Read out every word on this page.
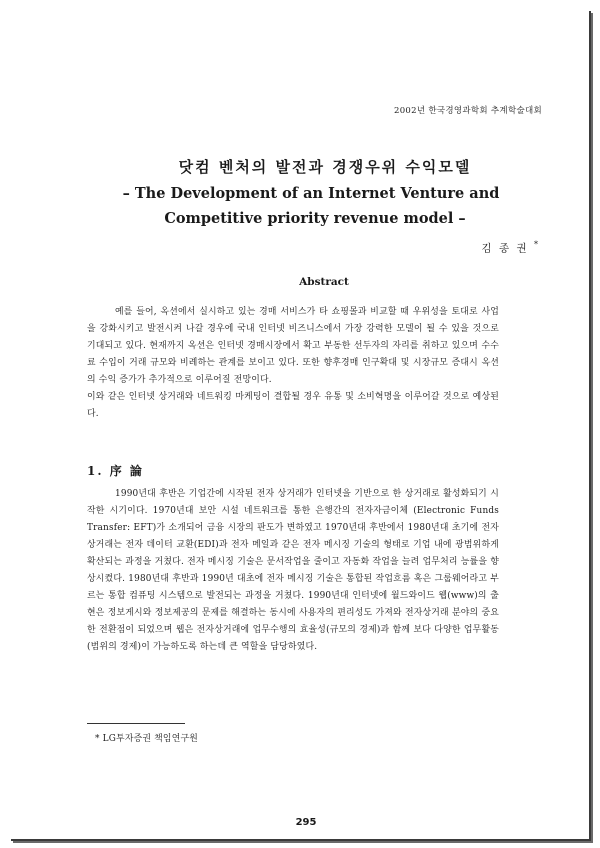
2002년 한국경영과학회 추계학술대회
닷컴 벤처의 발전과 경쟁우위 수익모델
– The Development of an Internet Venture and
Competitive priority revenue model –
김 종 권 *
Abstract

예를 들어, 옥션에서 실시하고 있는 경매 서비스가 타 쇼핑몰과 비교할 때 우위성을 토대로 사업을 강화시키고 발전시켜 나갈 경우에 국내 인터넷 비즈니스에서 가장 강력한 모델이 될 수 있을 것으로 기대되고 있다. 현재까지 옥션은 인터넷 경매시장에서 확고 부동한 선두자의 자리를 취하고 있으며 수수료 수입이 거래 규모와 비례하는 관계를 보이고 있다. 또한 향후경매 인구확대 및 시장규모 증대시 옥션의 수익 증가가 추가적으로 이루어질 전망이다.

이와 같은 인터넷 상거래와 네트워킹 마케팅이 결합될 경우 유통 및 소비혁명을 이루어갈 것으로 예상된다.

1. 序 論

1990년대 후반은 기업간에 시작된 전자 상거래가 인터넷을 기반으로 한 상거래로 활성화되기 시작한 시기이다. 1970년대 보안 시설 네트워크를 통한 은행간의 전자자금이체 (Electronic Funds Transfer: EFT)가 소개되어 금융 시장의 판도가 변하였고 1970년대 후반에서 1980년대 초기에 전자상거래는 전자 데이터 교환(EDI)과 전자 메일과 같은 전자 메시징 기술의 형태로 기업 내에 광범위하게 확산되는 과정을 거쳤다. 전자 메시징 기술은 문서작업을 줄이고 자동화 작업을 늘려 업무처리 능률을 향상시켰다. 1980년대 후반과 1990년 대초에 전자 메시징 기술은 통합된 작업흐름 혹은 그룹웨어라고 부르는 통합 컴퓨팅 시스템으로 발전되는 과정을 거쳤다. 1990년대 인터넷에 월드와이드 웹(www)의 출현은 정보게시와 정보제공의 문제를 해결하는 동시에 사용자의 편리성도 가져와 전자상거래 분야의 중요한 전환점이 되었으며 웹은 전자상거래에 업무수행의 효율성(규모의 경제)과 함께 보다 다양한 업무활동(범위의 경제)이 가능하도록 하는데 큰 역할을 담당하였다.

* LG투자증권 책임연구원
295
